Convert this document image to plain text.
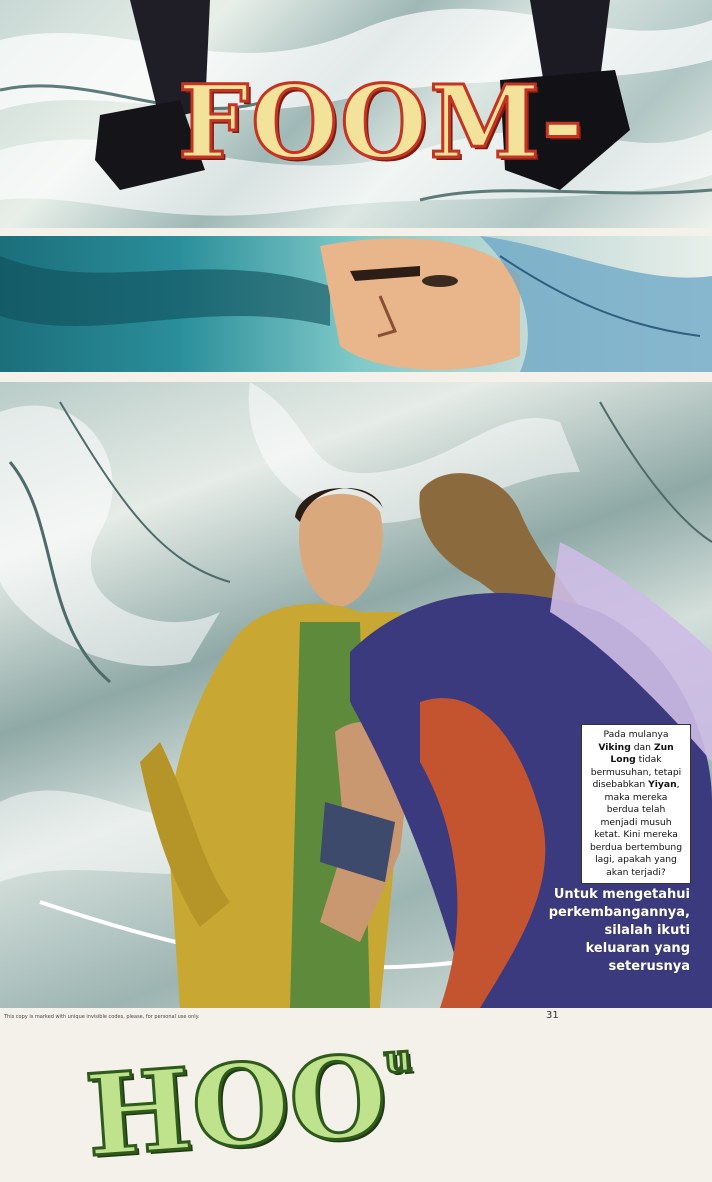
FOOM-
HOO$^u$
Pada mulanya Viking dan Zun Long tidak bermusuhan, tetapi disebabkan Yiyan, maka mereka berdua telah menjadi musuh ketat. Kini mereka berdua bertembung lagi, apakah yang akan terjadi?
Untuk mengetahui perkembangannya, silalah ikuti keluaran yang seterusnya
31
This copy is marked with unique invisible codes, please, for personal use only.
